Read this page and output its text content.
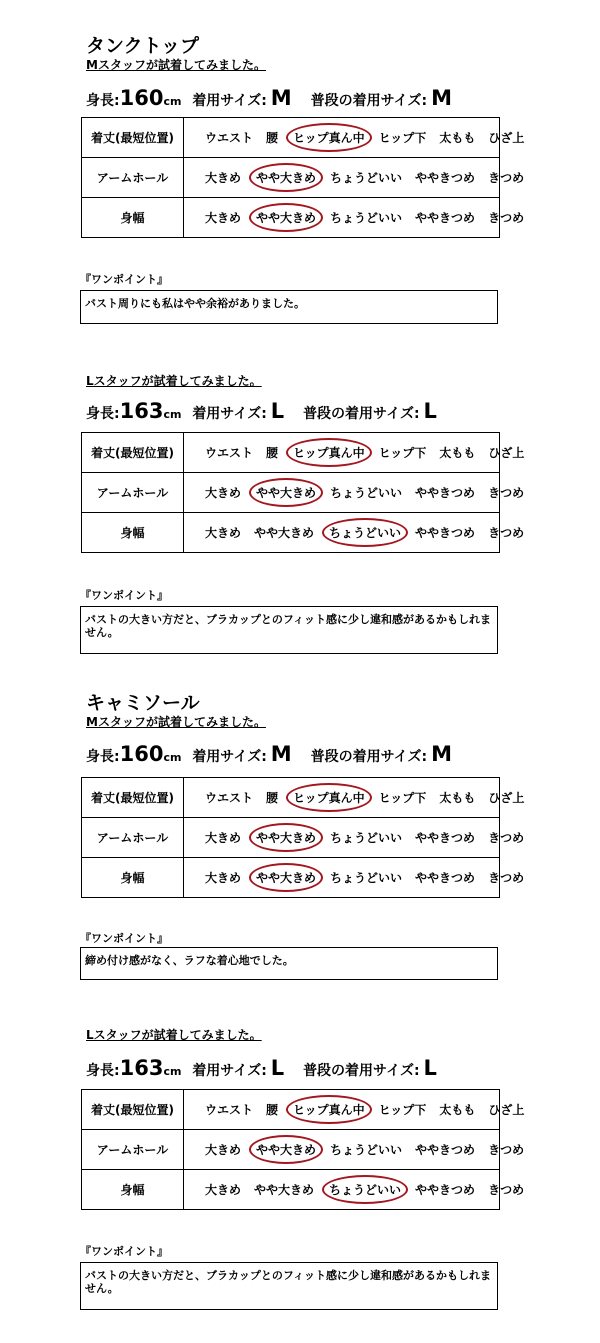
タンクトップ
Mスタッフが試着してみました。
身長:160cm 着用サイズ: M 普段の着用サイズ: M
着丈(最短位置)	ウエスト 腰 ヒップ真ん中 ヒップ下 太もも ひざ上
アームホール	大きめ やや大きめ ちょうどいい ややきつめ きつめ
身幅	大きめ やや大きめ ちょうどいい ややきつめ きつめ
『ワンポイント』
バスト周りにも私はやや余裕がありました。
Lスタッフが試着してみました。
身長:163cm 着用サイズ: L 普段の着用サイズ: L
着丈(最短位置)	ウエスト 腰 ヒップ真ん中 ヒップ下 太もも ひざ上
アームホール	大きめ やや大きめ ちょうどいい ややきつめ きつめ
身幅	大きめ やや大きめ ちょうどいい ややきつめ きつめ
『ワンポイント』
バストの大きい方だと、ブラカップとのフィット感に少し違和感があるかもしれません。
キャミソール
Mスタッフが試着してみました。
身長:160cm 着用サイズ: M 普段の着用サイズ: M
着丈(最短位置)	ウエスト 腰 ヒップ真ん中 ヒップ下 太もも ひざ上
アームホール	大きめ やや大きめ ちょうどいい ややきつめ きつめ
身幅	大きめ やや大きめ ちょうどいい ややきつめ きつめ
『ワンポイント』
締め付け感がなく、ラフな着心地でした。
Lスタッフが試着してみました。
身長:163cm 着用サイズ: L 普段の着用サイズ: L
着丈(最短位置)	ウエスト 腰 ヒップ真ん中 ヒップ下 太もも ひざ上
アームホール	大きめ やや大きめ ちょうどいい ややきつめ きつめ
身幅	大きめ やや大きめ ちょうどいい ややきつめ きつめ
『ワンポイント』
バストの大きい方だと、ブラカップとのフィット感に少し違和感があるかもしれません。
